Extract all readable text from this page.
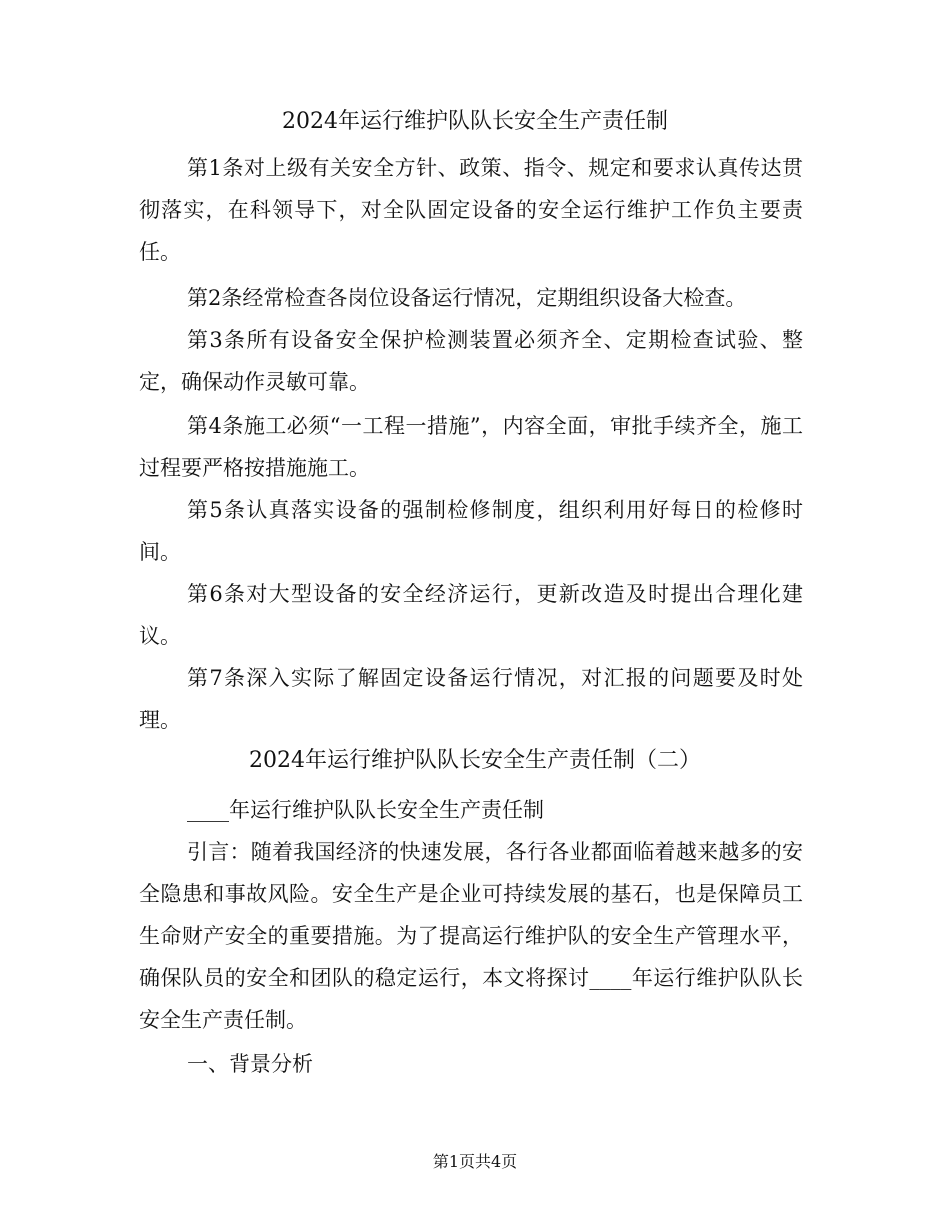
2024年运行维护队队长安全生产责任制
第1条对上级有关安全方针、政策、指令、规定和要求认真传达贯彻落实，在科领导下，对全队固定设备的安全运行维护工作负主要责任。
第2条经常检查各岗位设备运行情况，定期组织设备大检查。
第3条所有设备安全保护检测装置必须齐全、定期检查试验、整定，确保动作灵敏可靠。
第4条施工必须“一工程一措施”，内容全面，审批手续齐全，施工过程要严格按措施施工。
第5条认真落实设备的强制检修制度，组织利用好每日的检修时间。
第6条对大型设备的安全经济运行，更新改造及时提出合理化建议。
第7条深入实际了解固定设备运行情况，对汇报的问题要及时处理。
2024年运行维护队队长安全生产责任制（二）
____年运行维护队队长安全生产责任制
引言：随着我国经济的快速发展，各行各业都面临着越来越多的安全隐患和事故风险。安全生产是企业可持续发展的基石，也是保障员工生命财产安全的重要措施。为了提高运行维护队的安全生产管理水平，确保队员的安全和团队的稳定运行，本文将探讨____年运行维护队队长安全生产责任制。
一、背景分析
第1页共4页
